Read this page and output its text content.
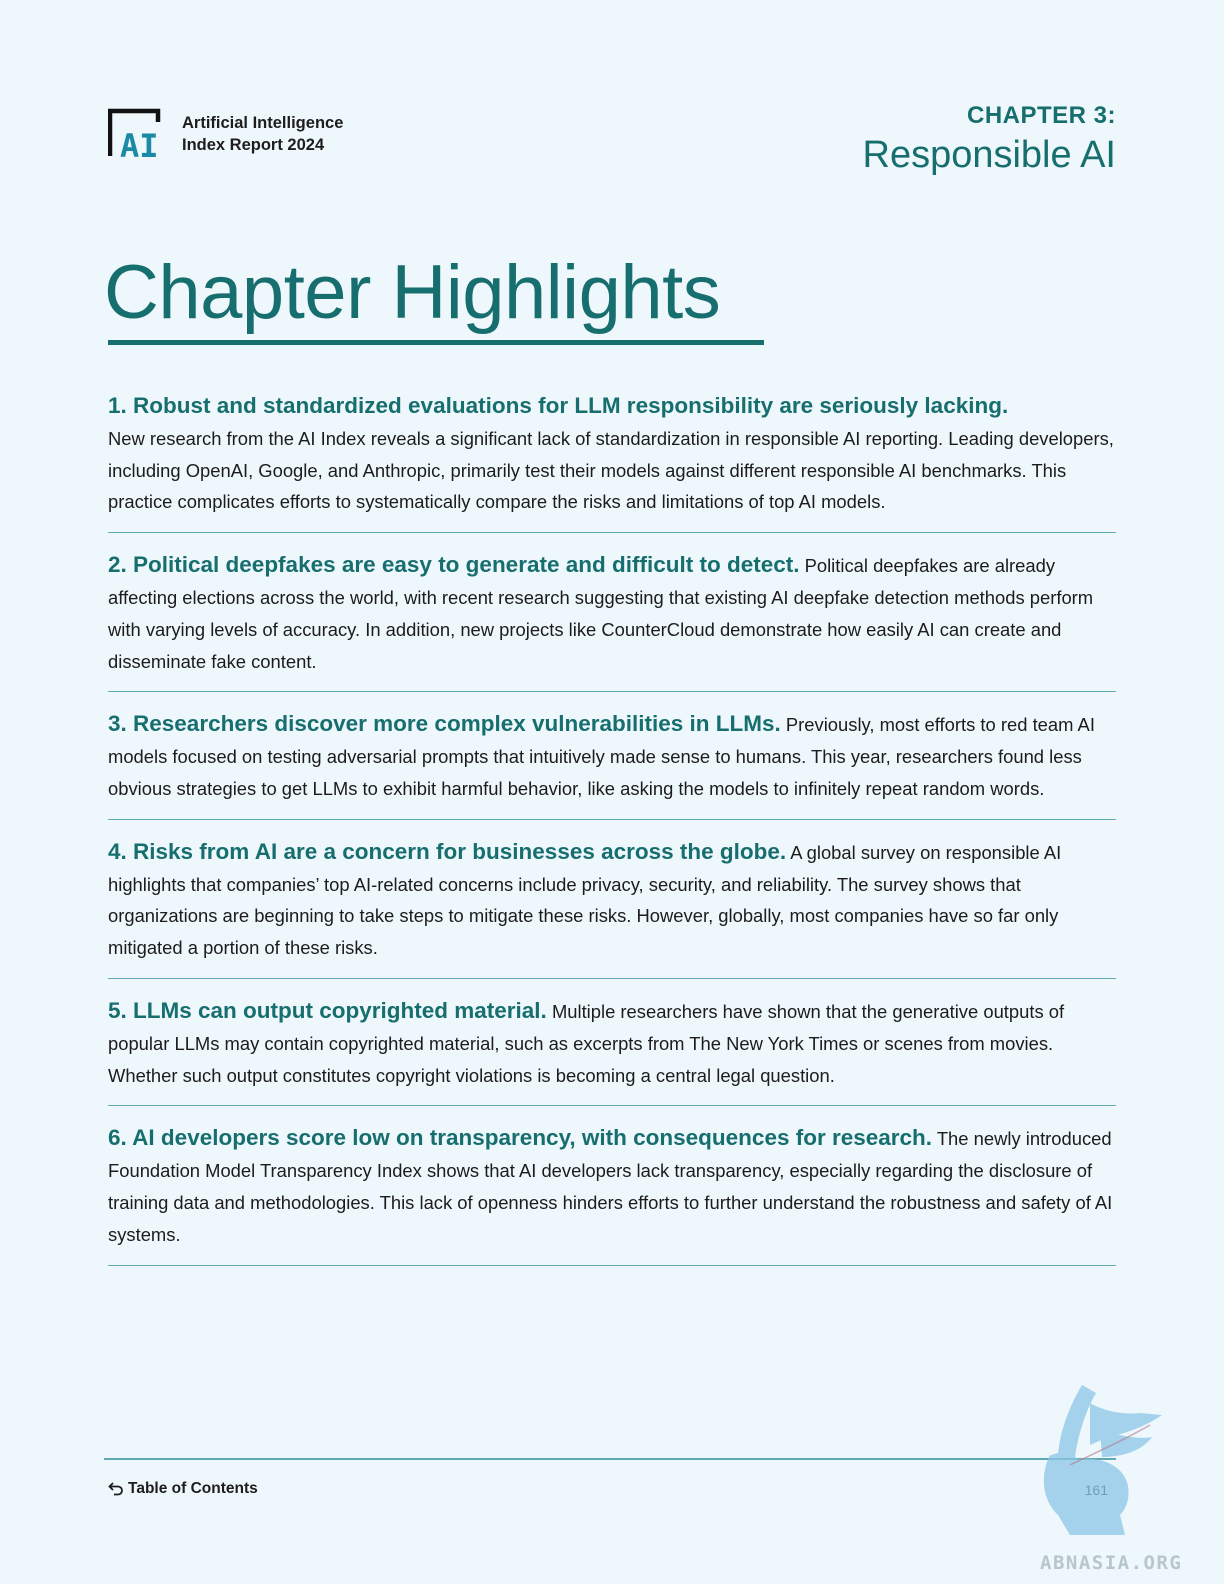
AI
Artificial Intelligence
Index Report 2024
CHAPTER 3:
Responsible AI
Chapter Highlights

1. Robust and standardized evaluations for LLM responsibility are seriously lacking.
New research from the AI Index reveals a significant lack of standardization in responsible AI reporting. Leading developers, including OpenAI, Google, and Anthropic, primarily test their models against different responsible AI benchmarks. This practice complicates efforts to systematically compare the risks and limitations of top AI models.

2. Political deepfakes are easy to generate and difficult to detect. Political deepfakes are already affecting elections across the world, with recent research suggesting that existing AI deepfake detection methods perform with varying levels of accuracy. In addition, new projects like CounterCloud demonstrate how easily AI can create and disseminate fake content.

3. Researchers discover more complex vulnerabilities in LLMs. Previously, most efforts to red team AI models focused on testing adversarial prompts that intuitively made sense to humans. This year, researchers found less obvious strategies to get LLMs to exhibit harmful behavior, like asking the models to infinitely repeat random words.

4. Risks from AI are a concern for businesses across the globe. A global survey on responsible AI highlights that companies’ top AI-related concerns include privacy, security, and reliability. The survey shows that organizations are beginning to take steps to mitigate these risks. However, globally, most companies have so far only mitigated a portion of these risks.

5. LLMs can output copyrighted material. Multiple researchers have shown that the generative outputs of popular LLMs may contain copyrighted material, such as excerpts from The New York Times or scenes from movies. Whether such output constitutes copyright violations is becoming a central legal question.

6. AI developers score low on transparency, with consequences for research. The newly introduced Foundation Model Transparency Index shows that AI developers lack transparency, especially regarding the disclosure of training data and methodologies. This lack of openness hinders efforts to further understand the robustness and safety of AI systems.

Table of Contents
ABNASIA.ORG
